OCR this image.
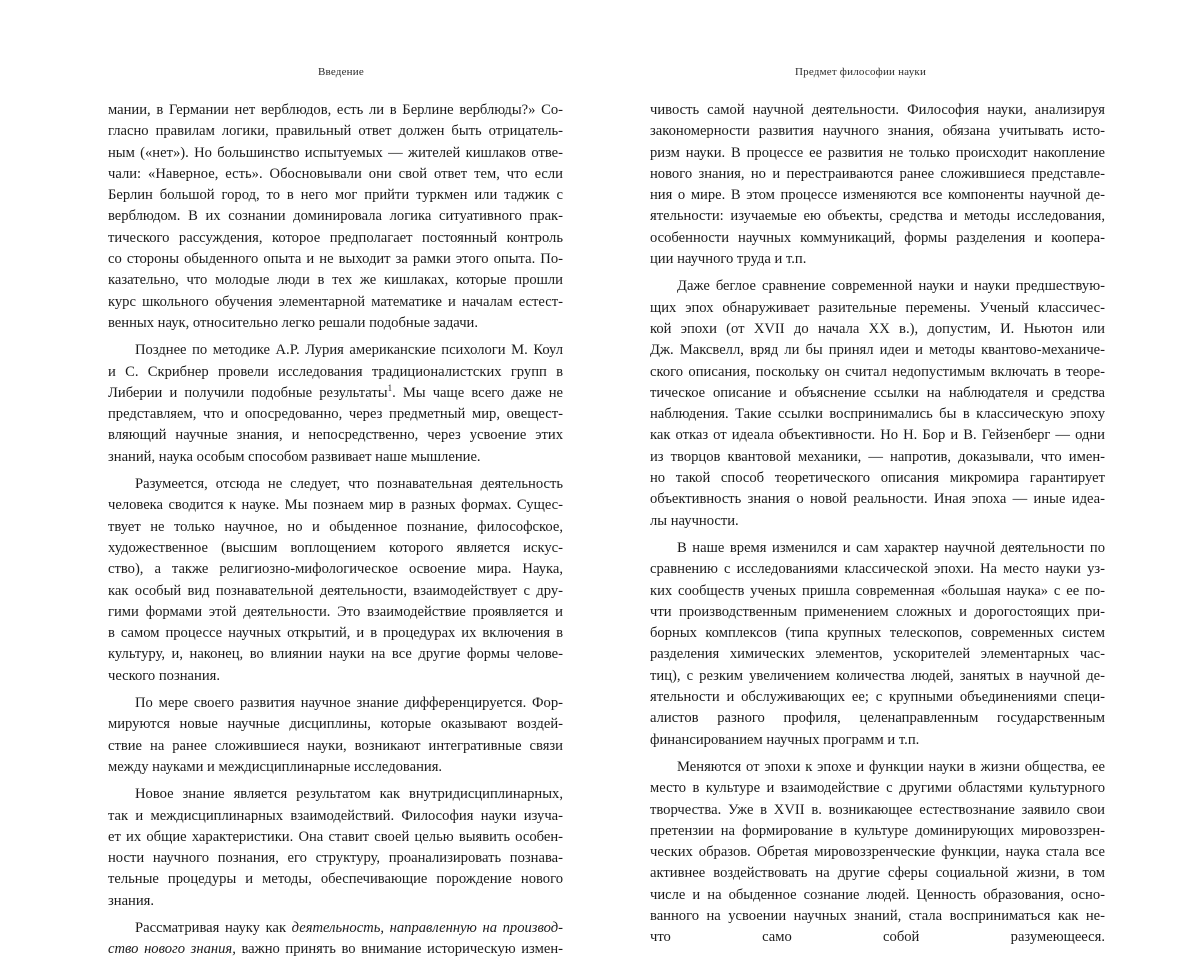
Введение

мании, в Германии нет верблюдов, есть ли в Берлине верблюды?» Со-
гласно правилам логики, правильный ответ должен быть отрицатель-
ным («нет»). Но большинство испытуемых — жителей кишлаков отве-
чали: «Наверное, есть». Обосновывали они свой ответ тем, что если
Берлин большой город, то в него мог прийти туркмен или таджик с
верблюдом. В их сознании доминировала логика ситуативного прак-
тического рассуждения, которое предполагает постоянный контроль
со стороны обыденного опыта и не выходит за рамки этого опыта. По-
казательно, что молодые люди в тех же кишлаках, которые прошли
курс школьного обучения элементарной математике и началам естест-
венных наук, относительно легко решали подобные задачи.

Позднее по методике А.Р. Лурия американские психологи М. Коул
и С. Скрибнер провели исследования традиционалистских групп в
Либерии и получили подобные результаты$^1$. Мы чаще всего даже не
представляем, что и опосредованно, через предметный мир, овещест-
вляющий научные знания, и непосредственно, через усвоение этих
знаний, наука особым способом развивает наше мышление.

Разумеется, отсюда не следует, что познавательная деятельность
человека сводится к науке. Мы познаем мир в разных формах. Сущес-
твует не только научное, но и обыденное познание, философское,
художественное (высшим воплощением которого является искус-
ство), а также религиозно-мифологическое освоение мира. Наука,
как особый вид познавательной деятельности, взаимодействует с дру-
гими формами этой деятельности. Это взаимодействие проявляется и
в самом процессе научных открытий, и в процедурах их включения в
культуру, и, наконец, во влиянии науки на все другие формы челове-
ческого познания.

По мере своего развития научное знание дифференцируется. Фор-
мируются новые научные дисциплины, которые оказывают воздей-
ствие на ранее сложившиеся науки, возникают интегративные связи
между науками и междисциплинарные исследования.

Новое знание является результатом как внутридисциплинарных,
так и междисциплинарных взаимодействий. Философия науки изуча-
ет их общие характеристики. Она ставит своей целью выявить особен-
ности научного познания, его структуру, проанализировать познава-
тельные процедуры и методы, обеспечивающие порождение нового
знания.

Рассматривая науку как деятельность, направленную на производ-
ство нового знания, важно принять во внимание историческую измен-

Предмет философии науки

чивость самой научной деятельности. Философия науки, анализируя
закономерности развития научного знания, обязана учитывать исто-
ризм науки. В процессе ее развития не только происходит накопление
нового знания, но и перестраиваются ранее сложившиеся представле-
ния о мире. В этом процессе изменяются все компоненты научной де-
ятельности: изучаемые ею объекты, средства и методы исследования,
особенности научных коммуникаций, формы разделения и коопера-
ции научного труда и т.п.

Даже беглое сравнение современной науки и науки предшествую-
щих эпох обнаруживает разительные перемены. Ученый классичес-
кой эпохи (от XVII до начала XX в.), допустим, И. Ньютон или
Дж. Максвелл, вряд ли бы принял идеи и методы квантово-механиче-
ского описания, поскольку он считал недопустимым включать в теоре-
тическое описание и объяснение ссылки на наблюдателя и средства
наблюдения. Такие ссылки воспринимались бы в классическую эпоху
как отказ от идеала объективности. Но Н. Бор и В. Гейзенберг — одни
из творцов квантовой механики, — напротив, доказывали, что имен-
но такой способ теоретического описания микромира гарантирует
объективность знания о новой реальности. Иная эпоха — иные идеа-
лы научности.

В наше время изменился и сам характер научной деятельности по
сравнению с исследованиями классической эпохи. На место науки уз-
ких сообществ ученых пришла современная «большая наука» с ее по-
чти производственным применением сложных и дорогостоящих при-
борных комплексов (типа крупных телескопов, современных систем
разделения химических элементов, ускорителей элементарных час-
тиц), с резким увеличением количества людей, занятых в научной де-
ятельности и обслуживающих ее; с крупными объединениями специ-
алистов разного профиля, целенаправленным государственным
финансированием научных программ и т.п.

Меняются от эпохи к эпохе и функции науки в жизни общества, ее
место в культуре и взаимодействие с другими областями культурного
творчества. Уже в XVII в. возникающее естествознание заявило свои
претензии на формирование в культуре доминирующих мировоззрен-
ческих образов. Обретая мировоззренческие функции, наука стала все
активнее воздействовать на другие сферы социальной жизни, в том
числе и на обыденное сознание людей. Ценность образования, осно-
ванного на усвоении научных знаний, стала восприниматься как не-
что само собой разумеющееся.
